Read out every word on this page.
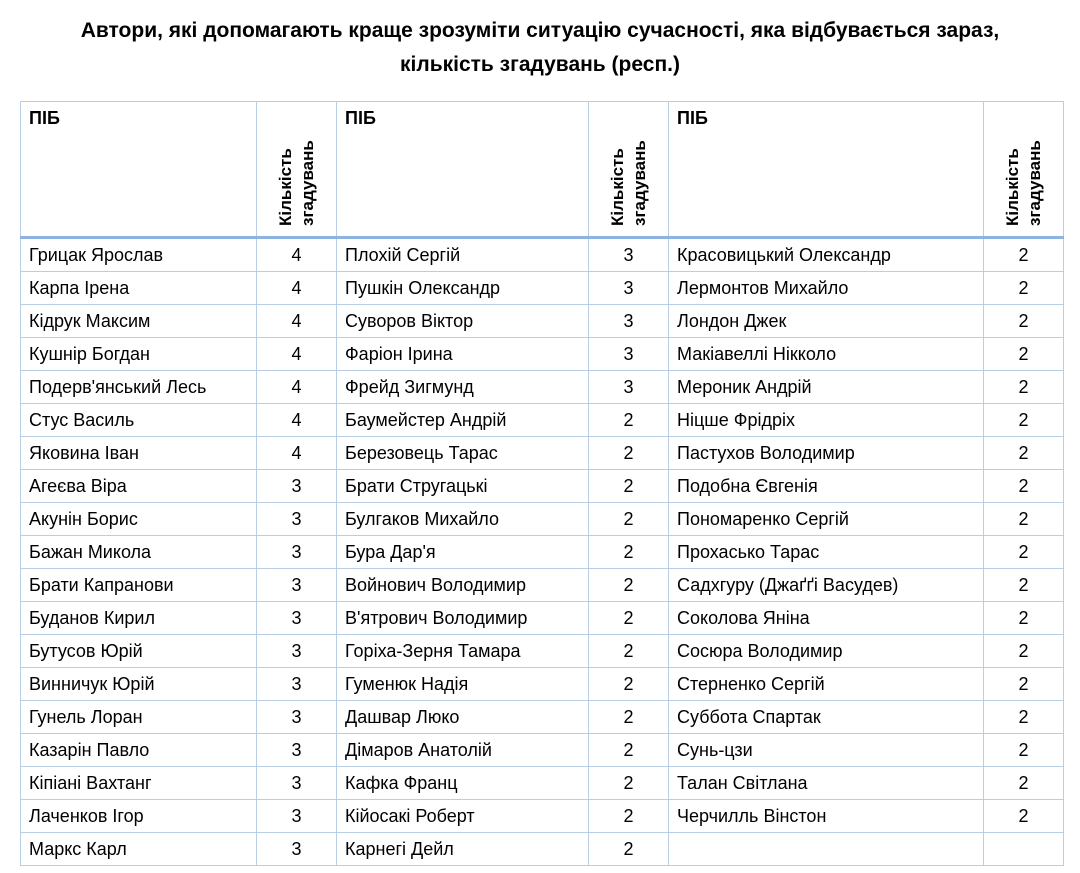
Автори, які допомагають краще зрозуміти ситуацію сучасності, яка відбувається зараз,
кількість згадувань (респ.)
ПІБ	Кількість згадувань	ПІБ	Кількість згадувань	ПІБ	Кількість згадувань

Грицак Ярослав	4	Плохій Сергій	3	Красовицький Олександр	2
Карпа Ірена	4	Пушкін Олександр	3	Лермонтов Михайло	2
Кідрук Максим	4	Суворов Віктор	3	Лондон Джек	2
Кушнір Богдан	4	Фаріон Ірина	3	Макіавеллі Нікколо	2
Подерв'янський Лесь	4	Фрейд Зигмунд	3	Мероник Андрій	2
Стус Василь	4	Баумейстер Андрій	2	Ніцше Фрідріх	2
Яковина Іван	4	Березовець Тарас	2	Пастухов Володимир	2
Агеєва Віра	3	Брати Стругацькі	2	Подобна Євгенія	2
Акунін Борис	3	Булгаков Михайло	2	Пономаренко Сергій	2
Бажан Микола	3	Бура Дар'я	2	Прохасько Тарас	2
Брати Капранови	3	Войнович Володимир	2	Садхгуру (Джаґґі Васудев)	2
Буданов Кирил	3	В'ятрович Володимир	2	Соколова Яніна	2
Бутусов Юрій	3	Горіха-Зерня Тамара	2	Сосюра Володимир	2
Винничук Юрій	3	Гуменюк Надія	2	Стерненко Сергій	2
Гунель Лоран	3	Дашвар Люко	2	Суббота Спартак	2
Казарін Павло	3	Дімаров Анатолій	2	Сунь-цзи	2
Кіпіані Вахтанг	3	Кафка Франц	2	Талан Світлана	2
Лаченков Ігор	3	Кійосакі Роберт	2	Черчилль Вінстон	2
Маркс Карл	3	Карнегі Дейл	2		
